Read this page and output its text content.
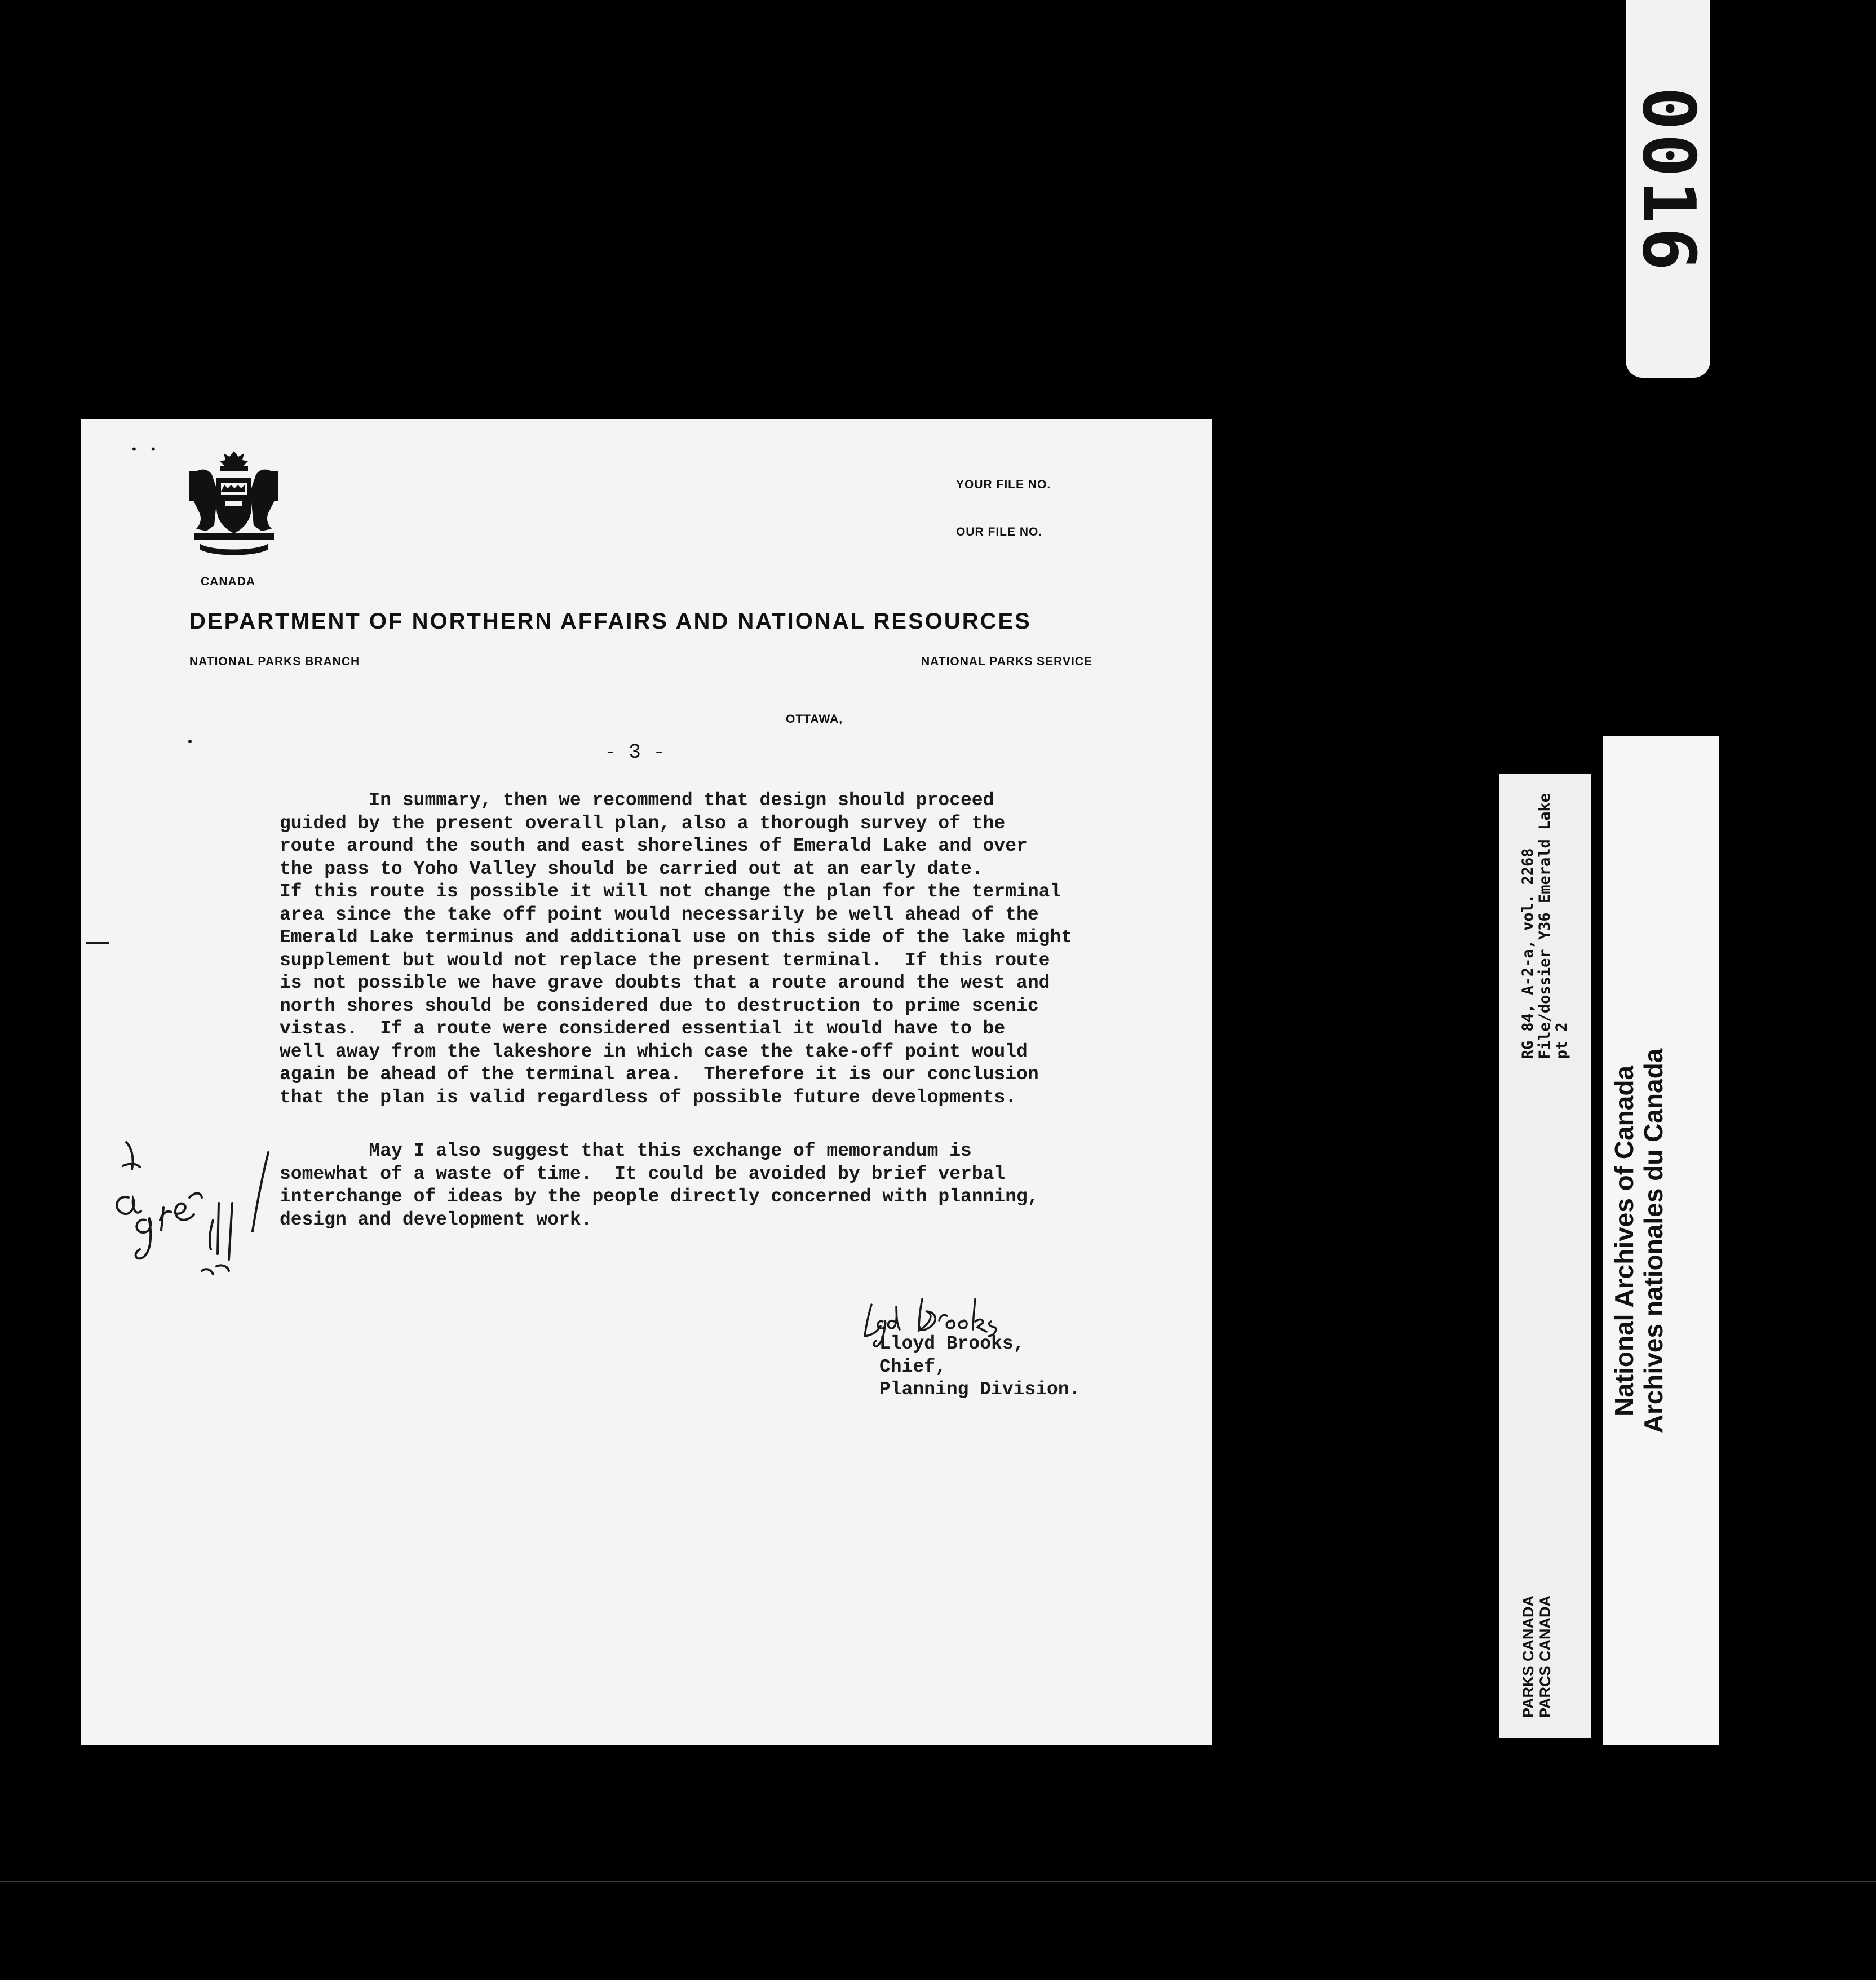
0016
• •
CANADA
YOUR FILE NO.
OUR FILE NO.
DEPARTMENT OF NORTHERN AFFAIRS AND NATIONAL RESOURCES
NATIONAL PARKS BRANCH	NATIONAL PARKS SERVICE
OTTAWA,
- 3 -
In summary, then we recommend that design should proceed
guided by the present overall plan, also a thorough survey of the
route around the south and east shorelines of Emerald Lake and over
the pass to Yoho Valley should be carried out at an early date.
If this route is possible it will not change the plan for the terminal
area since the take off point would necessarily be well ahead of the
Emerald Lake terminus and additional use on this side of the lake might
supplement but would not replace the present terminal.  If this route
is not possible we have grave doubts that a route around the west and
north shores should be considered due to destruction to prime scenic
vistas.  If a route were considered essential it would have to be
well away from the lakeshore in which case the take-off point would
again be ahead of the terminal area.  Therefore it is our conclusion
that the plan is valid regardless of possible future developments.
May I also suggest that this exchange of memorandum is
somewhat of a waste of time.  It could be avoided by brief verbal
interchange of ideas by the people directly concerned with planning,
design and development work.
Lloyd Brooks,
Chief,
Planning Division.
PARKS CANADA PARCS CANADA
RG 84, A-2-a, vol. 2268 File/dossier Y36 Emerald Lake pt 2
National Archives of Canada Archives nationales du Canada
